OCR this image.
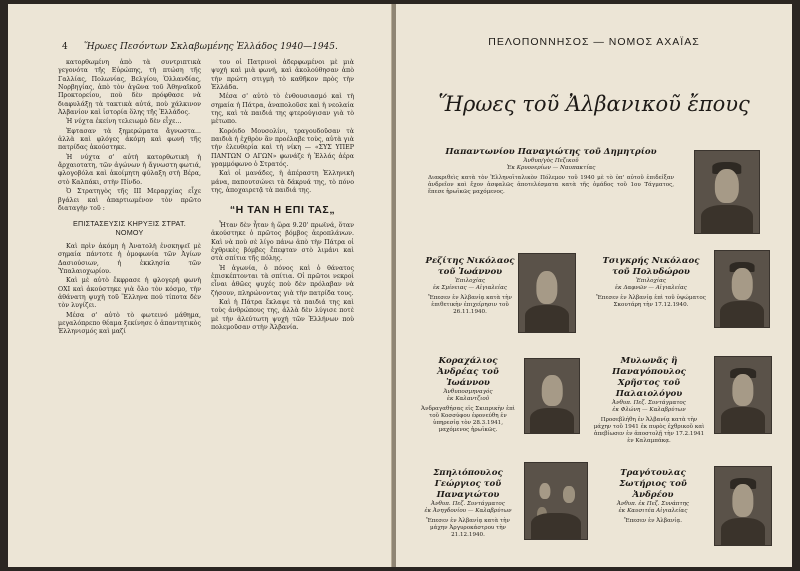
4 Ἥρωες Πεσόντων Σκλαβωμένης Ἑλλάδος 1940—1945.

κατορθωμένη ἀπὸ τὰ συντριπτικὰ γεγονότα τῆς Εὐρώπης, τὴ πτώση τῆς Γαλλίας, Πολωνίας, Βελγίου, Ὁλλανδίας, Νορβηγίας, ἀπὸ τὸν ἀγῶνα τοῦ Ἀθηναϊκοῦ Προκτορείου, ποὺ δὲν πρόφθασε νὰ διαφυλάξῃ τὰ τακτικὰ αὐτά, ποὺ χάλκινον Ἀλβανίον καὶ ἱστορία ὅλης τῆς Ἑλλάδος.

Ἡ νύχτα ἐκείνη τελειωμὸ δὲν εἶχε...

Ἐφτασαν τὰ ξημερώματα ἄγνωστα... ἀλλὰ καὶ φλόγες ἀκόμη καὶ φωνὴ τῆς πατρίδας ἀκούστηκε.

Ἡ νύχτα σ' αὐτὴ κατορθωτικὴ ἡ ἄρχαιοτατη, τῶν ἀγώνων ἡ ἄγνωστη φωτιά, φλογοβόλα καὶ ἀκοίμητη φύλαξη στὴ Βέρα, στὸ Καλπάκι, στὴν Πίνδο.

Ὁ Στρατηγὸς τῆς ΙΙΙ Μεραρχίας εἶχε βγάλει καὶ ἀπαρτιωμένον τὸν πρῶτο διαταγὴν τοῦ :

ΕΠΙΣΤΑΣΕΥΣΙΣ ΚΗΡΥΞΙΣ ΣΤΡΑΤ. ΝΟΜΟΥ

Καὶ πρὶν ἀκόμη ἡ Ἀνατολὴ ἐνσκηψεῖ μὲ σημαία πάντοτε ἡ ὁμοφωνία τῶν Ἀγίων Δασιούσιων, ἡ ἐκκλησία τῶν Ὑπαλαιοχωρίου.

Καὶ μὲ αὐτὸ ἔκφρασε ἡ φλογερὴ φωνὴ ΟΧΙ καὶ ἀκούστηκε γιὰ ὅλο τὸν κόσμο, τὴν ἀθάνατη ψυχὴ τοῦ Ἕλληνα πού τίποτα δὲν τὸν λυγίζει.

Μέσα σ' αὐτὸ τὸ φωτεινό μάθημα, μεγαλόπρεπο θέαμα ξεκίνησε ὁ ἀπαντητικὸς Ἑλληνισμός καὶ μαζί

του οἱ Πατρινοὶ ἀδερφωμένοι μὲ μιὰ ψυχὴ καὶ μιὰ φωνή, καὶ ἀκολούθησαν ἀπὸ τὴν πρώτη στιγμὴ τὸ καθῆκον πρὸς τὴν Ἑλλάδα.

Μέσα σ' αὐτὸ τὸ ἐνθουσιασμό καὶ τὴ σημαία ἡ Πάτρα, ἀναπολοῦσε καὶ ἡ νεολαία της, καὶ τὰ παιδιά της φτερούγισαν γιὰ τὸ μέτωπο.

Κορόιδο Μουσολίνι, τραγουδοῦσαν τὰ παιδιὰ ἡ ἐχθρὸν ἂν προέλαβε τοὺς, αὐτὰ γιὰ τὴν ἐλευθερία καὶ τὴ νίκη — «ΣΥΣ ΥΠΕΡ ΠΑΝΤΩΝ Ο ΑΓΩΝ» φωνάζε ἡ Ἑλλάς ἀέρα γραμμόφωνο ὁ Στρατός.

Καὶ οἱ μανάδες, ἡ ἀπέραστη Ἑλληνικὴ μάνα, παπουτσώνει τὰ δάκρυά της, τὸ πόνο της, ἀποχαιρετᾷ τὰ παιδιά της.

“Η ΤΑΝ Η ΕΠΙ ΤΑΣ„

Ἦταν δὲν ἦταν ἡ ὥρα 9.20' πρωϊνά, ὅταν ἀκούστηκε ὁ πρῶτος βόμβος ἀεροπλάνων. Καὶ νὰ ποὺ σὲ λίγο πάνω ἀπὸ τὴν Πάτρα οἱ ἐχθρικὲς βόμβες ἔπεφταν στὸ λιμάνι καὶ στὰ σπίτια τῆς πόλης.

Ἡ ἀγωνία, ὁ πόνος καὶ ὁ θάνατος ἐπισκέπτονται τὰ σπίτια. Οἱ πρῶτοι νεκροὶ εἶναι ἀθῶες ψυχές ποὺ δὲν πρόλαβαν νὰ ζήσουν, πληρώνοντας γιὰ τὴν πατρίδα τους.

Καὶ ἡ Πάτρα ἔκλαψε τὰ παιδιά της καὶ τοὺς ἀνθρώπους της, ἀλλὰ δὲν λύγισε ποτὲ μὲ τὴν ἀλεύτωτη ψυχὴ τῶν Ἑλλήνων ποὺ πολεμοῦσαν στὴν Ἀλβανία.

ΠΕΛΟΠΟΝΝΗΣΟΣ — ΝΟΜΟΣ ΑΧΑΪΑΣ
Ἥρωες τοῦ Ἀλβανικοῦ ἔπους
Παπαντωνίου Παναγιώτης τοῦ Δημητρίου
Ἀνθυπ/γὸς Πεζικοῦ
Ἐκ Κρυονερίων — Ναυπακτίας
Διακριθεὶς κατὰ τὸν Ἑλληνοϊταλικὸν Πόλεμον τοῦ 1940 μὲ τὸ ὑπ' αὐτοῦ ἐπιδείξαν ἀνδρεῖον καὶ ἔχον ἀσφαλῶς ἀποτελέσματα κατὰ τῆς ὁμάδος τοῦ 1ου Τάγματος, ἔπεσε ἡρωϊκῶς μαχόμενος.
Ρεζίτης Νικόλαος τοῦ Ἰωάννου
Ἐπιλοχίας
ἐκ Σμίνειας — Αἰγιαλείας
Ἔπεσεν ἐν Ἀλβανίᾳ κατὰ τὴν ἐπιθετικὴν ἐπιχείρησιν τοῦ 26.11.1940.
Τσιγκρής Νικόλαος τοῦ Πολυδώρου
Ἐπιλοχίας
ἐκ Δαφνῶν — Αἰγιαλείας
Ἔπεσεν ἐν Ἀλβανίᾳ ἐπὶ τοῦ ὑψώματος Σκουτάρη τὴν 17.12.1940.
Κοραχάλιος Ἀνδρέας τοῦ Ἰωάννου
Ἀνθυποσμηναγός
ἐκ Καλαντζιοῦ
Ἀνδραγαθήσας εἰς Σκιπρικὴν ἐπὶ τοῦ Κοσσύφου ἐφονεύθη ἐν ὑπηρεσίᾳ τὸν 28.3.1941, μαχόμενος ἡρωϊκῶς.
Μυλωνᾶς ἢ Παναγόπουλος Χρῆστος τοῦ Παλαιολόγου
Ἀνθυπ. Πεζ. Συντάγματος
ἐκ Φλώνη — Καλαβρύτων
Προσεβλήθη ἐν Ἀλβανίᾳ κατὰ τὴν μάχην τοῦ 1941 ἐκ πυρὸς ἐχθρικοῦ καὶ ἀπεβίωσεν ἐν ἀποστολῇ τὴν 17.2.1941 ἐν Καλαμπάκᾳ.
Σπηλιόπουλος Γεώργιος τοῦ Παναγιώτου
Ἀνθυπ. Πεζ. Συντάγματος
ἐκ Ἀνηγδονίου — Καλαβρύτων
Ἔπεσεν ἐν Ἀλβανίᾳ κατὰ τὴν μάχην Ἀργυροκάστρου τὴν 21.12.1940.
Τραγότουλας Σωτήριος τοῦ Ἀνδρέου
Ἀνθυπ. ἐκ Πεζ. Συνάπτης
ἐκ Καυσιτέα Αἰγιαλείας
Ἔπεσεν ἐν Ἀλβανίᾳ.
